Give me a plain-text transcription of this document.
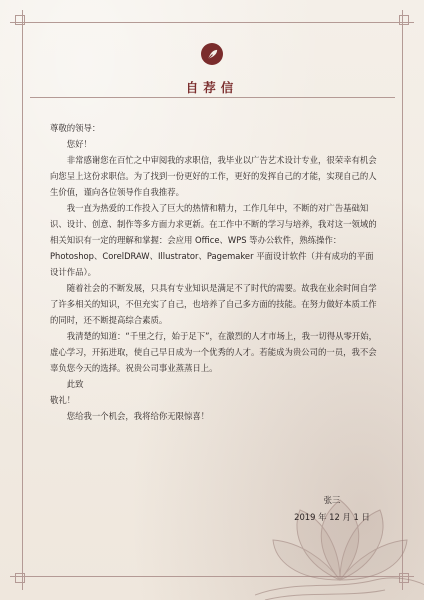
自荐信

尊敬的领导：

您好！

非常感谢您在百忙之中审阅我的求职信，我毕业以广告艺术设计专业，很荣幸有机会向您呈上这份求职信。为了找到一份更好的工作，更好的发挥自己的才能，实现自己的人生价值，谨向各位领导作自我推荐。

我一直为热爱的工作投入了巨大的热情和精力，工作几年中，不断的对广告基础知识、设计、创意、制作等多方面力求更新。在工作中不断的学习与培养，我对这一领域的相关知识有一定的理解和掌握：会应用 Office、WPS 等办公软件，熟练操作：Photoshop、CorelDRAW、Illustrator、Pagemaker 平面设计软件（并有成功的平面设计作品）。

随着社会的不断发展，只具有专业知识是满足不了时代的需要。故我在业余时间自学了许多相关的知识，不但充实了自己，也培养了自己多方面的技能。在努力做好本质工作的同时，还不断提高综合素质。

我清楚的知道：“千里之行，始于足下”，在激烈的人才市场上，我一切得从零开始，虚心学习，开拓进取，使自己早日成为一个优秀的人才。若能成为贵公司的一员，我不会辜负您今天的选择。祝贵公司事业蒸蒸日上。

此致

敬礼！

您给我一个机会，我将给你无限惊喜！

张三
2019 年 12 月 1 日
